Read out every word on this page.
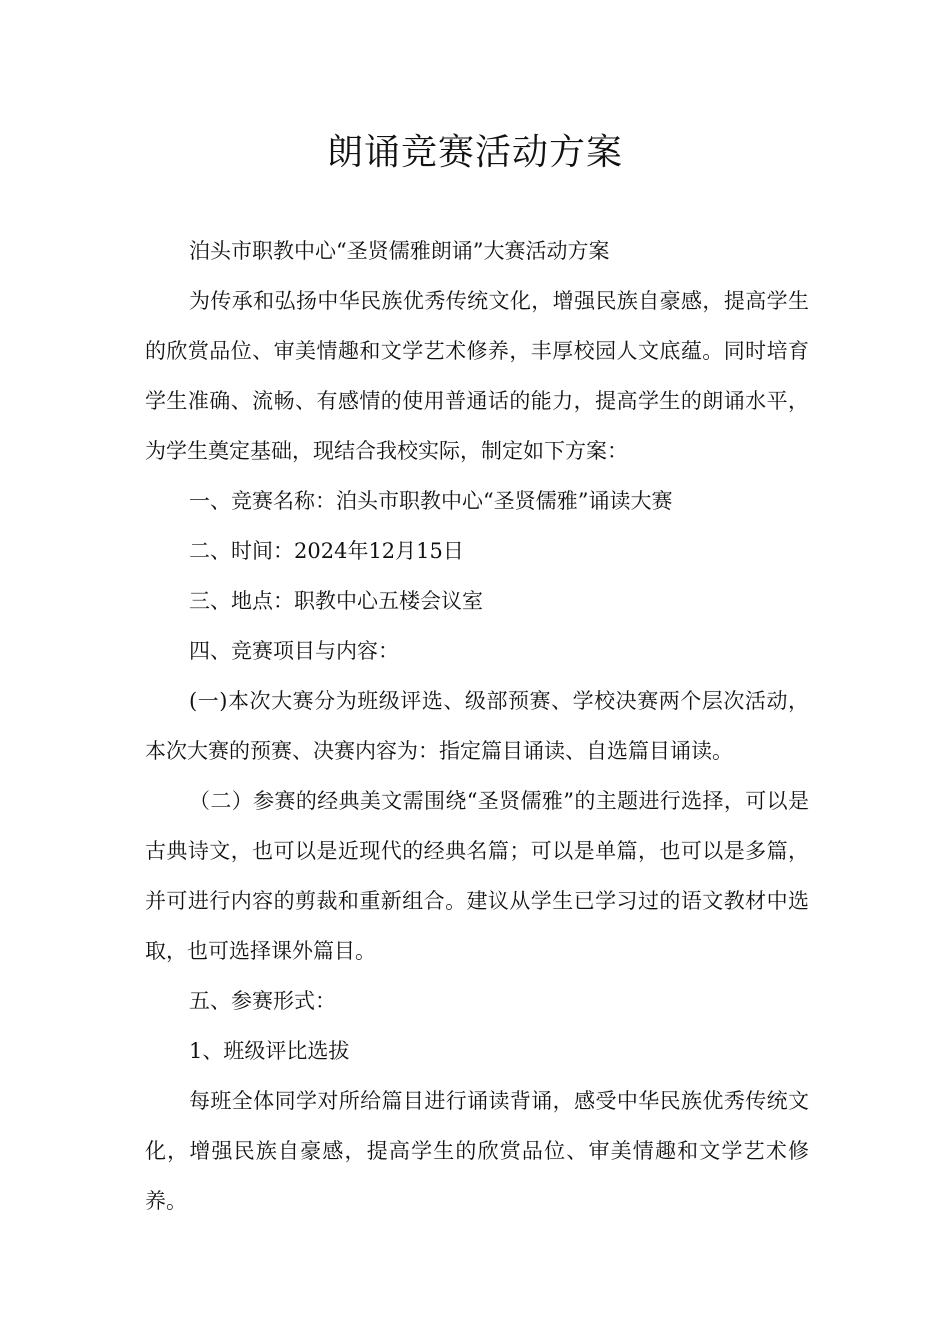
朗诵竞赛活动方案

泊头市职教中心“圣贤儒雅朗诵”大赛活动方案

为传承和弘扬中华民族优秀传统文化，增强民族自豪感，提高学生的欣赏品位、审美情趣和文学艺术修养，丰厚校园人文底蕴。同时培育学生准确、流畅、有感情的使用普通话的能力，提高学生的朗诵水平，为学生奠定基础，现结合我校实际，制定如下方案：

一、竞赛名称：泊头市职教中心“圣贤儒雅”诵读大赛

二、时间：2024年12月15日

三、地点：职教中心五楼会议室

四、竞赛项目与内容：

(一)本次大赛分为班级评选、级部预赛、学校决赛两个层次活动，本次大赛的预赛、决赛内容为：指定篇目诵读、自选篇目诵读。

（二）参赛的经典美文需围绕“圣贤儒雅”的主题进行选择，可以是古典诗文，也可以是近现代的经典名篇；可以是单篇，也可以是多篇，并可进行内容的剪裁和重新组合。建议从学生已学习过的语文教材中选取，也可选择课外篇目。

五、参赛形式：

1、班级评比选拔

每班全体同学对所给篇目进行诵读背诵，感受中华民族优秀传统文化，增强民族自豪感，提高学生的欣赏品位、审美情趣和文学艺术修养。
